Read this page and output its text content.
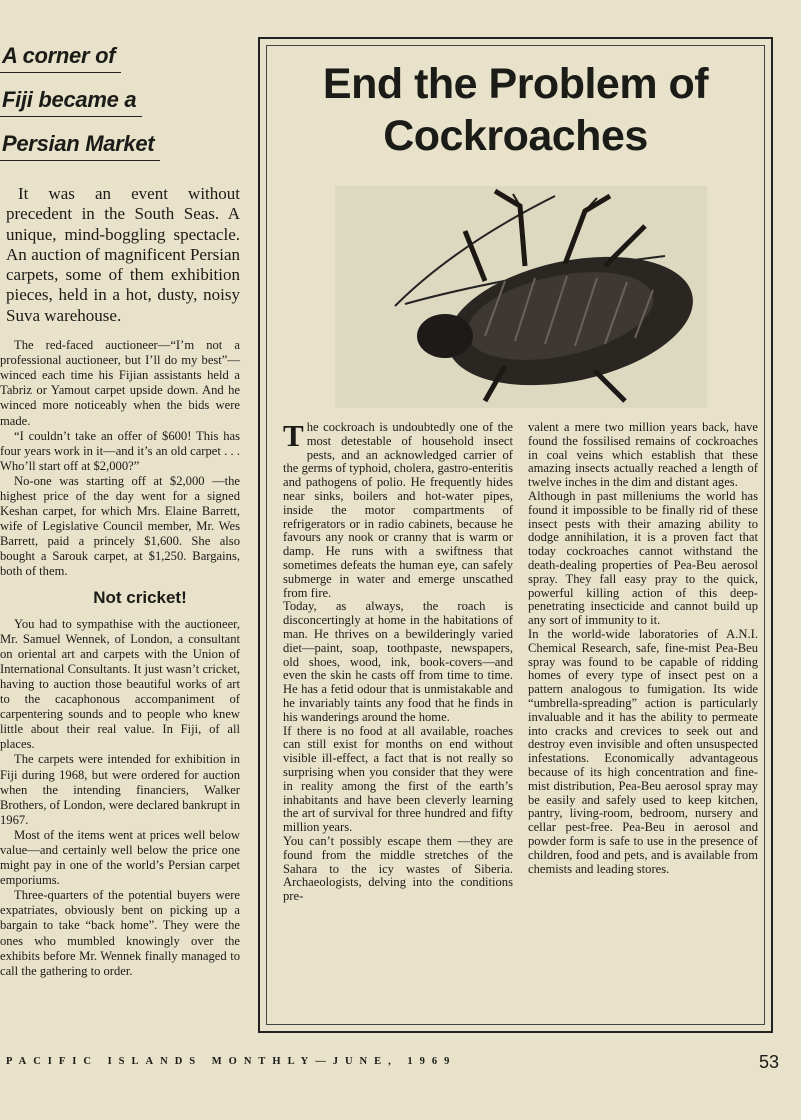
A corner of
Fiji became a
Persian Market

It was an event without precedent in the South Seas. A unique, mind-boggling spectacle. An auction of magnificent Persian carpets, some of them exhibition pieces, held in a hot, dusty, noisy Suva warehouse.

The red-faced auctioneer—“I’m not a professional auctioneer, but I’ll do my best”—winced each time his Fijian assistants held a Tabriz or Yamout carpet upside down. And he winced more noticeably when the bids were made.

“I couldn’t take an offer of $600! This has four years work in it—and it’s an old carpet . . . Who’ll start off at $2,000?”

No-one was starting off at $2,000 —the highest price of the day went for a signed Keshan carpet, for which Mrs. Elaine Barrett, wife of Legislative Council member, Mr. Wes Barrett, paid a princely $1,600. She also bought a Sarouk carpet, at $1,250. Bargains, both of them.

Not cricket!

You had to sympathise with the auctioneer, Mr. Samuel Wennek, of London, a consultant on oriental art and carpets with the Union of International Consultants. It just wasn’t cricket, having to auction those beautiful works of art to the cacaphonous accompaniment of carpentering sounds and to people who knew little about their real value. In Fiji, of all places.

The carpets were intended for exhibition in Fiji during 1968, but were ordered for auction when the intending financiers, Walker Brothers, of London, were declared bankrupt in 1967.

Most of the items went at prices well below value—and certainly well below the price one might pay in one of the world’s Persian carpet emporiums.

Three-quarters of the potential buyers were expatriates, obviously bent on picking up a bargain to take “back home”. They were the ones who mumbled knowingly over the exhibits before Mr. Wennek finally managed to call the gathering to order.

End the Problem of
Cockroaches

The cockroach is undoubtedly one of the most detestable of household insect pests, and an acknowledged carrier of the germs of typhoid, cholera, gastro-enteritis and pathogens of polio. He frequently hides near sinks, boilers and hot-water pipes, inside the motor compartments of refrigerators or in radio cabinets, because he favours any nook or cranny that is warm or damp. He runs with a swiftness that sometimes defeats the human eye, can safely submerge in water and emerge unscathed from fire.

Today, as always, the roach is disconcertingly at home in the habitations of man. He thrives on a bewilderingly varied diet—paint, soap, toothpaste, newspapers, old shoes, wood, ink, book-covers—and even the skin he casts off from time to time. He has a fetid odour that is unmistakable and he invariably taints any food that he finds in his wanderings around the home.

If there is no food at all available, roaches can still exist for months on end without visible ill-effect, a fact that is not really so surprising when you consider that they were in reality among the first of the earth’s inhabitants and have been cleverly learning the art of survival for three hundred and fifty million years.

You can’t possibly escape them —they are found from the middle stretches of the Sahara to the icy wastes of Siberia. Archaeologists, delving into the conditions pre-

valent a mere two million years back, have found the fossilised remains of cockroaches in coal veins which establish that these amazing insects actually reached a length of twelve inches in the dim and distant ages.

Although in past milleniums the world has found it impossible to be finally rid of these insect pests with their amazing ability to dodge annihilation, it is a proven fact that today cockroaches cannot withstand the death-dealing properties of Pea-Beu aerosol spray. They fall easy pray to the quick, powerful killing action of this deep-penetrating insecticide and cannot build up any sort of immunity to it.

In the world-wide laboratories of A.N.I. Chemical Research, safe, fine-mist Pea-Beu spray was found to be capable of ridding homes of every type of insect pest on a pattern analogous to fumigation. Its wide “umbrella-spreading” action is particularly invaluable and it has the ability to permeate into cracks and crevices to seek out and destroy even invisible and often unsuspected infestations. Economically advantageous because of its high concentration and fine-mist distribution, Pea-Beu aerosol spray may be easily and safely used to keep kitchen, pantry, living-room, bedroom, nursery and cellar pest-free. Pea-Beu in aerosol and powder form is safe to use in the presence of children, food and pets, and is available from chemists and leading stores.

PACIFIC ISLANDS MONTHLY—JUNE, 1969	53
